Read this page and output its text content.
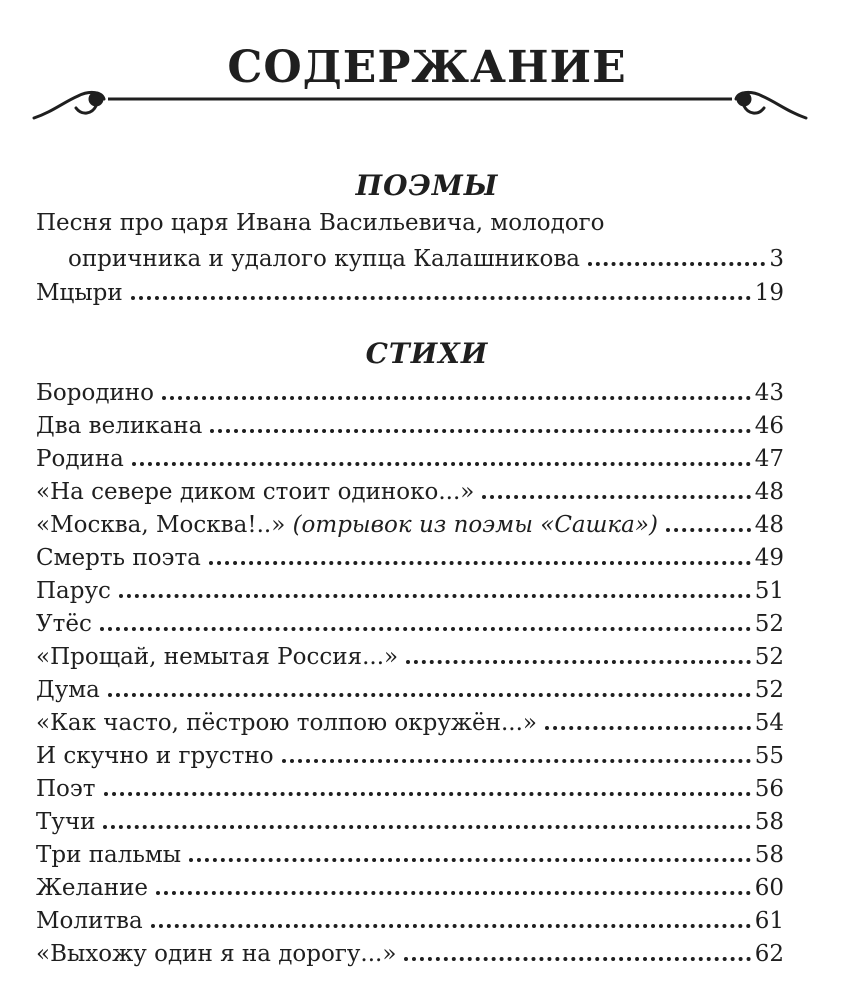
СОДЕРЖАНИЕ
ПОЭМЫ
Песня про царя Ивана Васильевича, молодого
опричника и удалого купца Калашникова	3
Мцыри	19
СТИХИ
Бородино	43
Два великана	46
Родина	47
«На севере диком стоит одиноко...»	48
«Москва, Москва!..» (отрывок из поэмы «Сашка»)	48
Смерть поэта	49
Парус	51
Утёс	52
«Прощай, немытая Россия...»	52
Дума	52
«Как часто, пёстрою толпою окружён...»	54
И скучно и грустно	55
Поэт	56
Тучи	58
Три пальмы	58
Желание	60
Молитва	61
«Выхожу один я на дорогу...»	62
